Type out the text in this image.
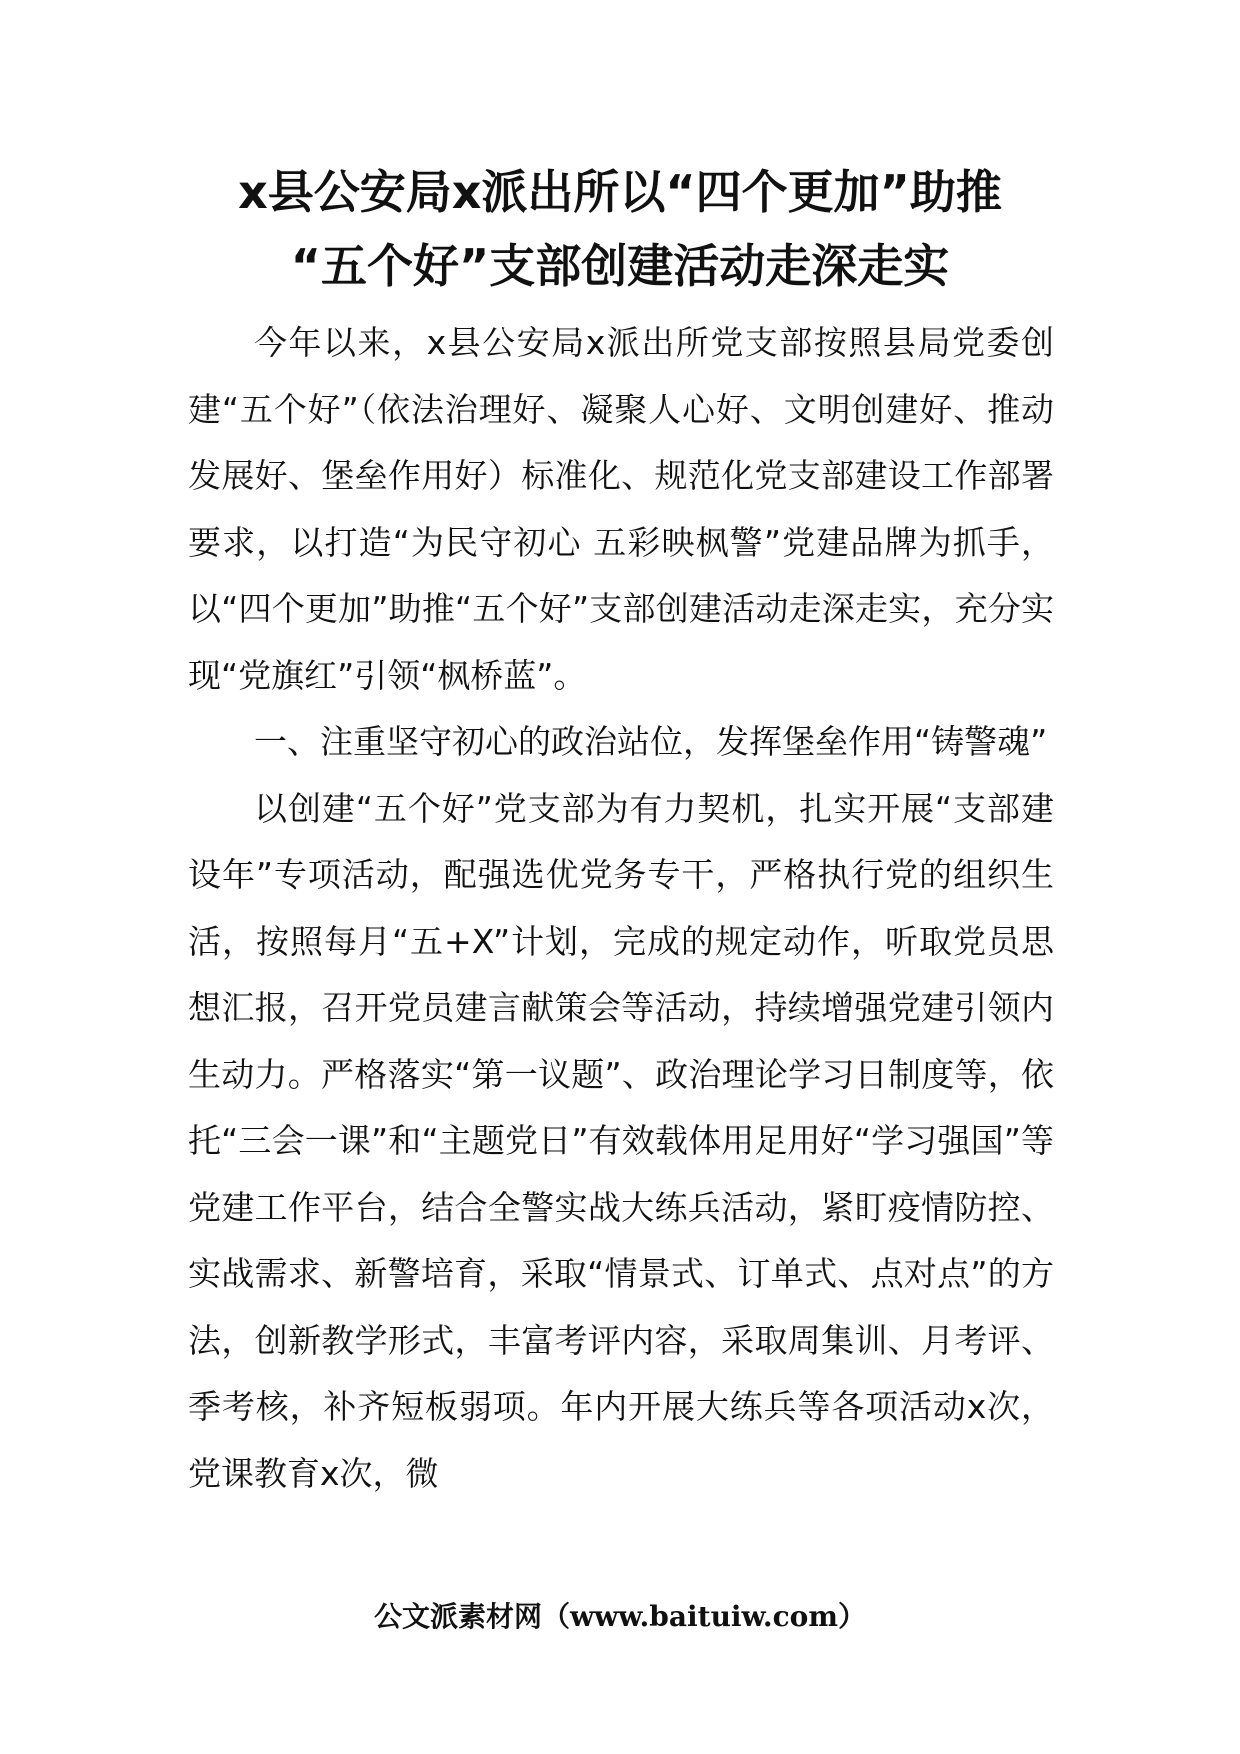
x县公安局x派出所以“四个更加”助推
“五个好”支部创建活动走深走实

今年以来，x县公安局x派出所党支部按照县局党委创建“五个好”（依法治理好、凝聚人心好、文明创建好、推动发展好、堡垒作用好）标准化、规范化党支部建设工作部署要求，以打造“为民守初心 五彩映枫警”党建品牌为抓手，以“四个更加”助推“五个好”支部创建活动走深走实，充分实现“党旗红”引领“枫桥蓝”。

一、注重坚守初心的政治站位，发挥堡垒作用“铸警魂”

以创建“五个好”党支部为有力契机，扎实开展“支部建设年”专项活动，配强选优党务专干，严格执行党的组织生活，按照每月“五+X”计划，完成的规定动作，听取党员思想汇报，召开党员建言献策会等活动，持续增强党建引领内生动力。严格落实“第一议题”、政治理论学习日制度等，依托“三会一课”和“主题党日”有效载体用足用好“学习强国”等党建工作平台，结合全警实战大练兵活动，紧盯疫情防控、实战需求、新警培育，采取“情景式、订单式、点对点”的方法，创新教学形式，丰富考评内容，采取周集训、月考评、季考核，补齐短板弱项。年内开展大练兵等各项活动x次，党课教育x次，微

公文派素材网（www.baituiw.com）
